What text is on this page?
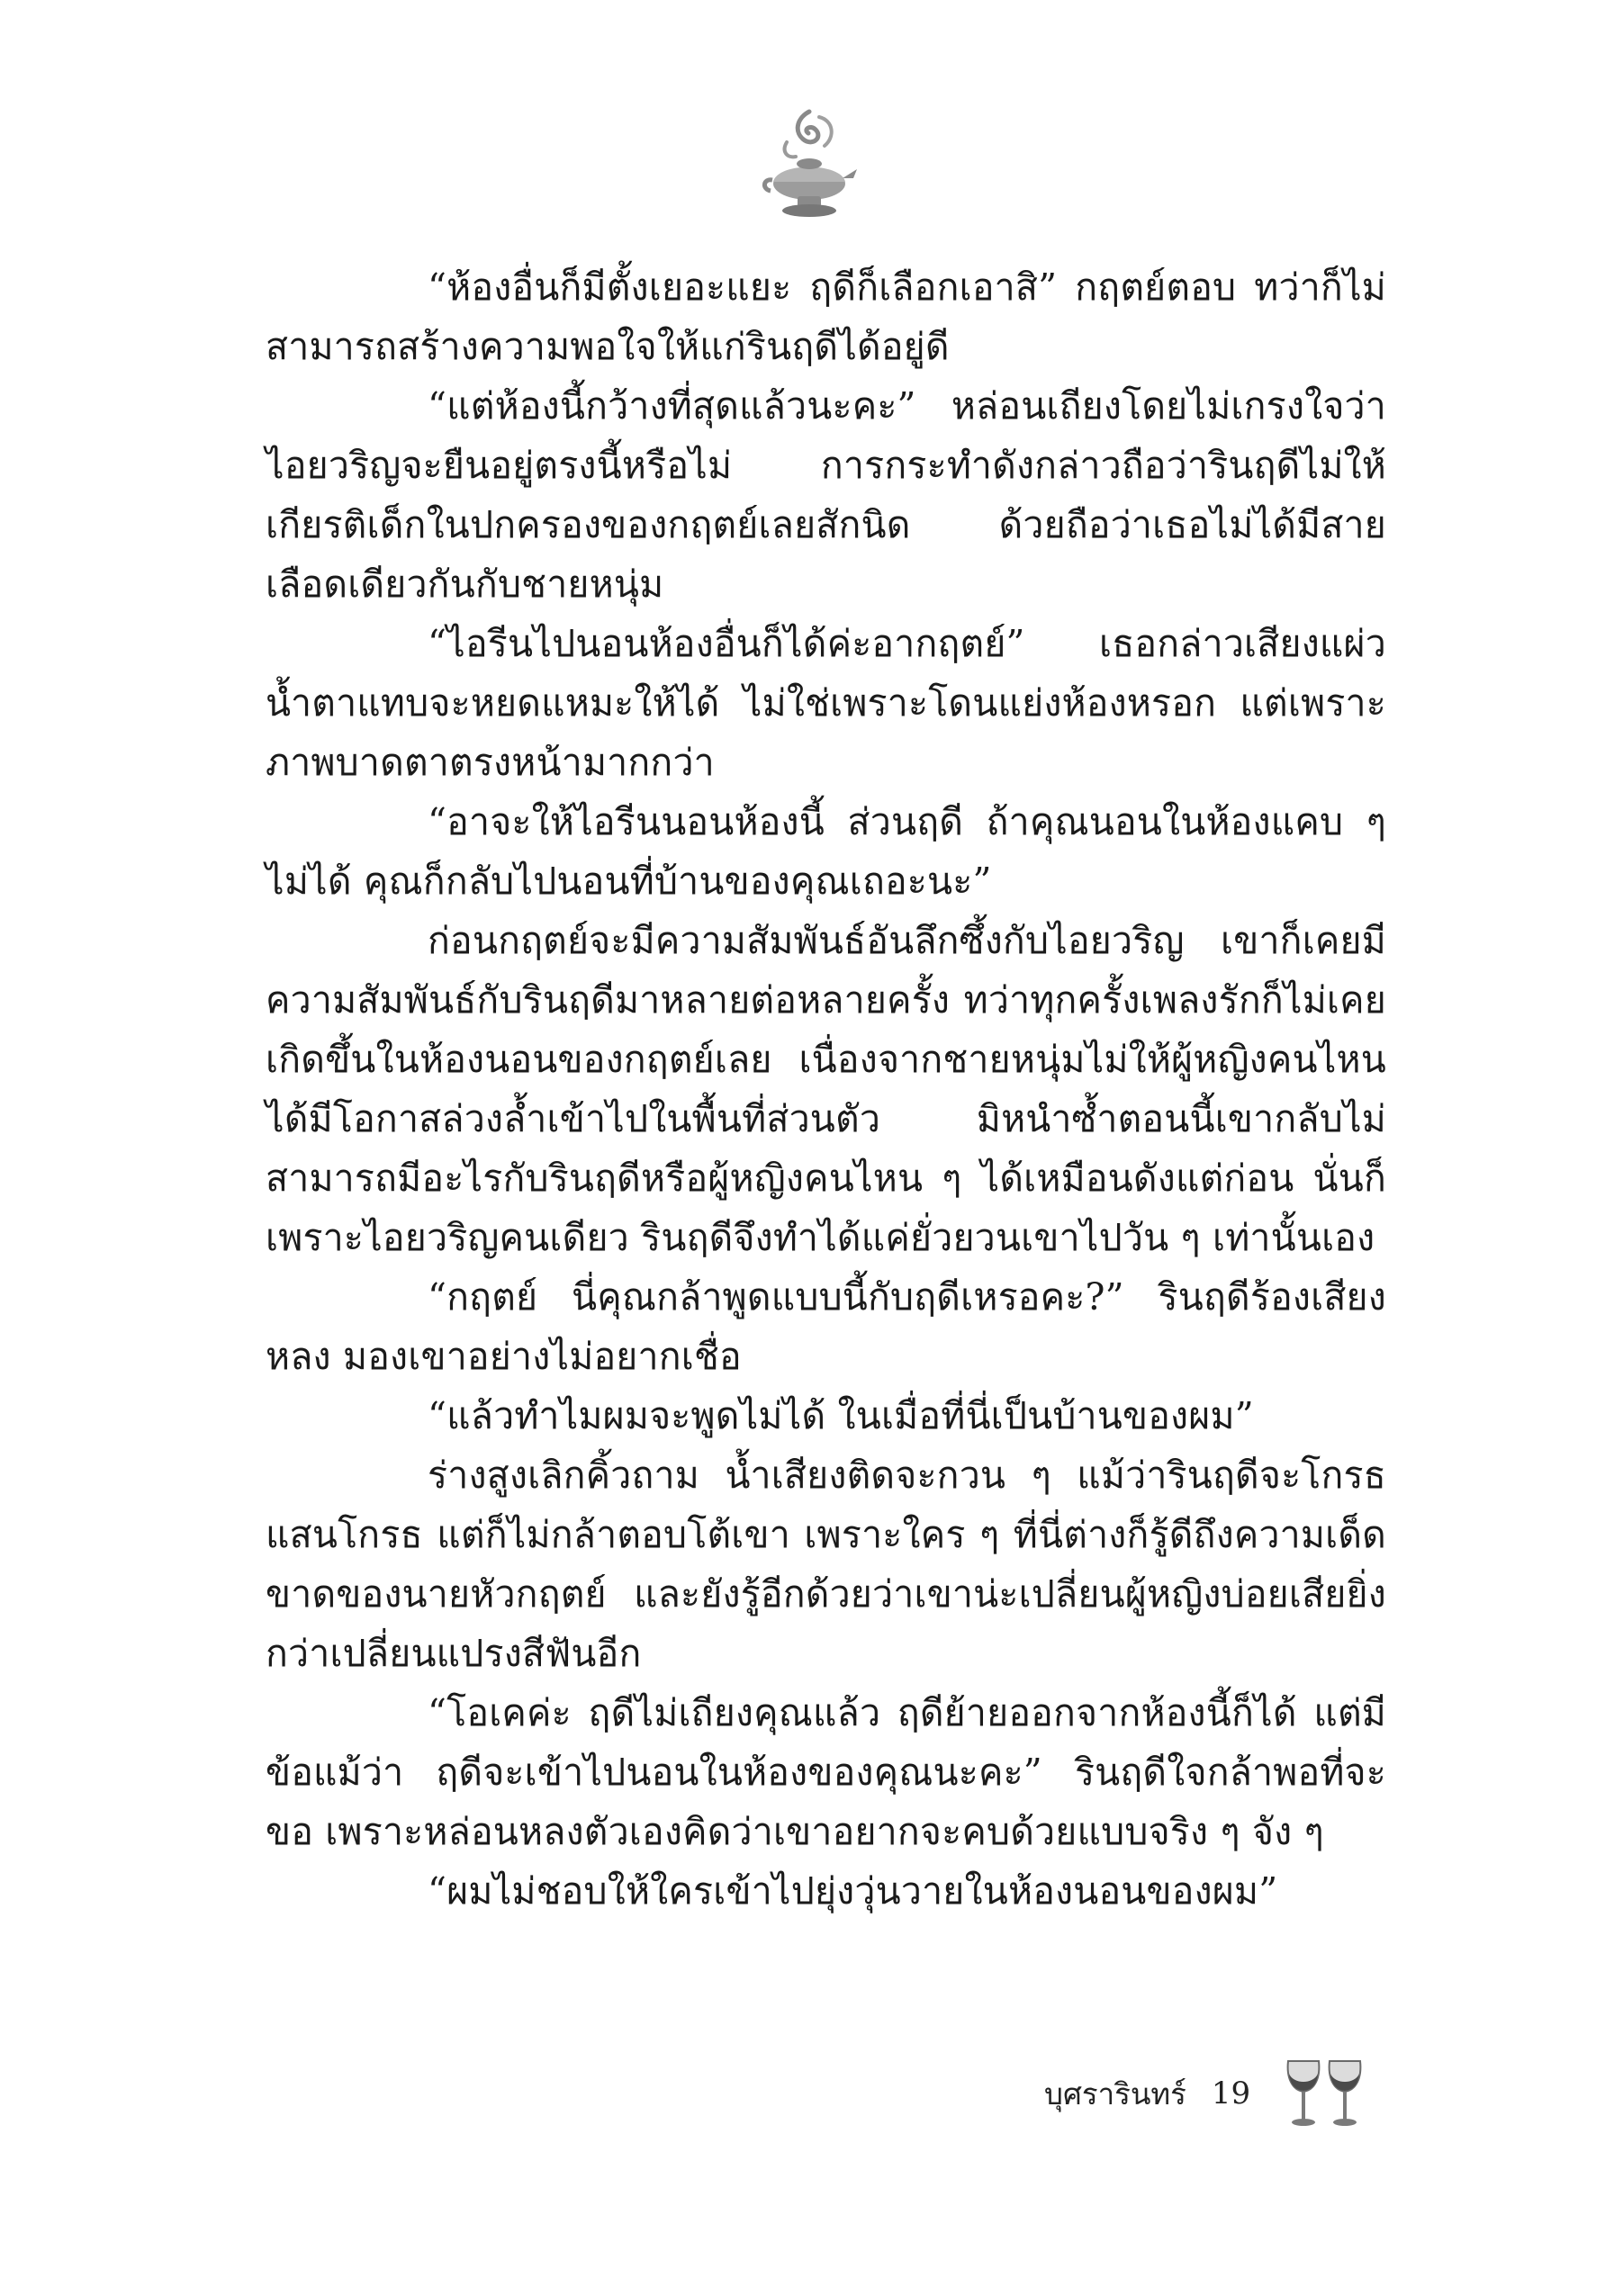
“ห้องอื่นก็มีตั้งเยอะแยะ ฤดีก็เลือกเอาสิ” กฤตย์ตอบ ทว่าก็ไม่สามารถสร้างความพอใจให้แก่รินฤดีได้อยู่ดี

“แต่ห้องนี้กว้างที่สุดแล้วนะคะ” หล่อนเถียงโดยไม่เกรงใจว่าไอยวริญจะยืนอยู่ตรงนี้หรือไม่ การกระทำดังกล่าวถือว่ารินฤดีไม่ให้เกียรติเด็กในปกครองของกฤตย์เลยสักนิด ด้วยถือว่าเธอไม่ได้มีสายเลือดเดียวกันกับชายหนุ่ม

“ไอรีนไปนอนห้องอื่นก็ได้ค่ะอากฤตย์” เธอกล่าวเสียงแผ่วน้ำตาแทบจะหยดแหมะให้ได้ ไม่ใช่เพราะโดนแย่งห้องหรอก แต่เพราะภาพบาดตาตรงหน้ามากกว่า

“อาจะให้ไอรีนนอนห้องนี้ ส่วนฤดี ถ้าคุณนอนในห้องแคบ ๆ ไม่ได้ คุณก็กลับไปนอนที่บ้านของคุณเถอะนะ”

ก่อนกฤตย์จะมีความสัมพันธ์อันลึกซึ้งกับไอยวริญ เขาก็เคยมีความสัมพันธ์กับรินฤดีมาหลายต่อหลายครั้ง ทว่าทุกครั้งเพลงรักก็ไม่เคยเกิดขึ้นในห้องนอนของกฤตย์เลย เนื่องจากชายหนุ่มไม่ให้ผู้หญิงคนไหนได้มีโอกาสล่วงล้ำเข้าไปในพื้นที่ส่วนตัว มิหนำซ้ำตอนนี้เขากลับไม่สามารถมีอะไรกับรินฤดีหรือผู้หญิงคนไหน ๆ ได้เหมือนดังแต่ก่อน นั่นก็เพราะไอยวริญคนเดียว รินฤดีจึงทำได้แค่ยั่วยวนเขาไปวัน ๆ เท่านั้นเอง

“กฤตย์ นี่คุณกล้าพูดแบบนี้กับฤดีเหรอคะ?” รินฤดีร้องเสียงหลง มองเขาอย่างไม่อยากเชื่อ

“แล้วทำไมผมจะพูดไม่ได้ ในเมื่อที่นี่เป็นบ้านของผม”

ร่างสูงเลิกคิ้วถาม น้ำเสียงติดจะกวน ๆ แม้ว่ารินฤดีจะโกรธแสนโกรธ แต่ก็ไม่กล้าตอบโต้เขา เพราะใคร ๆ ที่นี่ต่างก็รู้ดีถึงความเด็ดขาดของนายหัวกฤตย์ และยังรู้อีกด้วยว่าเขาน่ะเปลี่ยนผู้หญิงบ่อยเสียยิ่งกว่าเปลี่ยนแปรงสีฟันอีก

“โอเคค่ะ ฤดีไม่เถียงคุณแล้ว ฤดีย้ายออกจากห้องนี้ก็ได้ แต่มีข้อแม้ว่า ฤดีจะเข้าไปนอนในห้องของคุณนะคะ” รินฤดีใจกล้าพอที่จะขอ เพราะหล่อนหลงตัวเองคิดว่าเขาอยากจะคบด้วยแบบจริง ๆ จัง ๆ

“ผมไม่ชอบให้ใครเข้าไปยุ่งวุ่นวายในห้องนอนของผม”

บุศรารินทร์ 19
